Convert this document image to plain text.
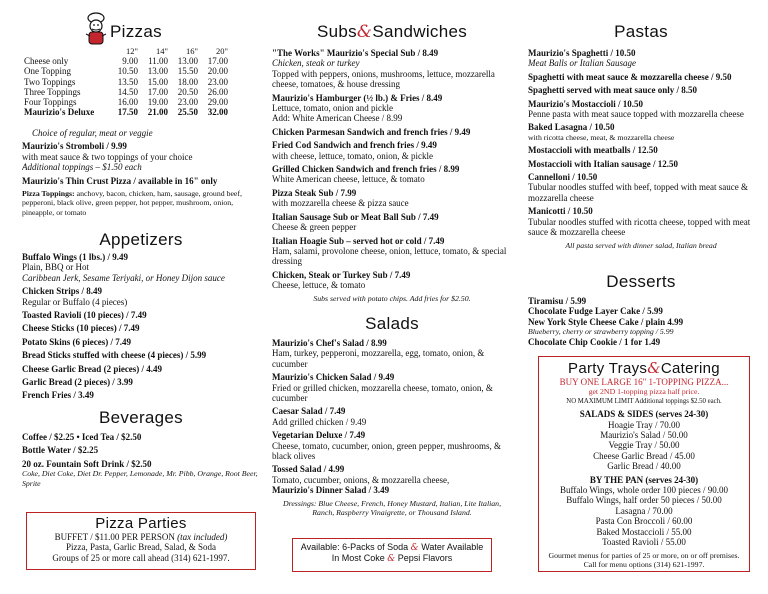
Pizzas
	12"	14"	16"	20"
Cheese only	9.00	11.00	13.00	17.00
One Topping	10.50	13.00	15.50	20.00
Two Toppings	13.50	15.00	18.00	23.00
Three Toppings	14.50	17.00	20.50	26.00
Four Toppings	16.00	19.00	23.00	29.00
Maurizio's Deluxe	17.50	21.00	25.50	32.00
Choice of regular, meat or veggie
Maurizio's Stromboli / 9.99
with meat sauce & two toppings of your choice
Additional toppings – $1.50 each
Maurizio's Thin Crust Pizza / available in 16" only
Pizza Toppings: anchovy, bacon, chicken, ham, sausage, ground beef, pepperoni, black olive, green pepper, hot pepper, mushroom, onion, pineapple, or tomato
Appetizers
Buffalo Wings (1 lbs.) / 9.49
Plain, BBQ or Hot
Caribbean Jerk, Sesame Teriyaki, or Honey Dijon sauce
Chicken Strips / 8.49
Regular or Buffalo (4 pieces)
Toasted Ravioli (10 pieces) / 7.49
Cheese Sticks (10 pieces) / 7.49
Potato Skins (6 pieces) / 7.49
Bread Sticks stuffed with cheese (4 pieces) / 5.99
Cheese Garlic Bread (2 pieces) / 4.49
Garlic Bread (2 pieces) / 3.99
French Fries / 3.49
Beverages
Coffee / $2.25 • Iced Tea / $2.50
Bottle Water / $2.25
20 oz. Fountain Soft Drink / $2.50
Coke, Diet Coke, Diet Dr. Pepper, Lemonade, Mr. Pibb, Orange, Root Beer, Sprite
Pizza Parties
BUFFET / $11.00 PER PERSON (tax included)
Pizza, Pasta, Garlic Bread, Salad, & Soda
Groups of 25 or more call ahead (314) 621-1997.
Subs&Sandwiches
"The Works" Maurizio's Special Sub / 8.49
Chicken, steak or turkey
Topped with peppers, onions, mushrooms, lettuce, mozzarella cheese, tomatoes, & house dressing
Maurizio's Hamburger (½ lb.) & Fries / 8.49
Lettuce, tomato, onion and pickle
Add: White American Cheese / 8.99
Chicken Parmesan Sandwich and french fries / 9.49
Fried Cod Sandwich and french fries / 9.49
with cheese, lettuce, tomato, onion, & pickle
Grilled Chicken Sandwich and french fries / 8.99
White American cheese, lettuce, & tomato
Pizza Steak Sub / 7.99
with mozzarella cheese & pizza sauce
Italian Sausage Sub or Meat Ball Sub / 7.49
Cheese & green pepper
Italian Hoagie Sub – served hot or cold / 7.49
Ham, salami, provolone cheese, onion, lettuce, tomato, & special dressing
Chicken, Steak or Turkey Sub / 7.49
Cheese, lettuce, & tomato
Subs served with potato chips. Add fries for $2.50.
Salads
Maurizio's Chef's Salad / 8.99
Ham, turkey, pepperoni, mozzarella, egg, tomato, onion, & cucumber
Maurizio's Chicken Salad / 9.49
Fried or grilled chicken, mozzarella cheese, tomato, onion, & cucumber
Caesar Salad / 7.49
Add grilled chicken / 9.49
Vegetarian Deluxe / 7.49
Cheese, tomato, cucumber, onion, green pepper, mushrooms, & black olives
Tossed Salad / 4.99
Tomato, cucumber, onions, & mozzarella cheese,
Maurizio's Dinner Salad / 3.49
Dressings: Blue Cheese, French, Honey Mustard, Italian, Lite Italian, Ranch, Raspberry Vinaigrette, or Thousand Island.
Available: 6-Packs of Soda & Water Available
In Most Coke & Pepsi Flavors
Pastas
Maurizio's Spaghetti / 10.50
Meat Balls or Italian Sausage
Spaghetti with meat sauce & mozzarella cheese / 9.50
Spaghetti served with meat sauce only / 8.50
Maurizio's Mostaccioli / 10.50
Penne pasta with meat sauce topped with mozzarella cheese
Baked Lasagna / 10.50
with ricotta cheese, meat, & mozzarella cheese
Mostaccioli with meatballs / 12.50
Mostaccioli with Italian sausage / 12.50
Cannelloni / 10.50
Tubular noodles stuffed with beef, topped with meat sauce & mozzarella cheese
Manicotti / 10.50
Tubular noodles stuffed with ricotta cheese, topped with meat sauce & mozzarella cheese
All pasta served with dinner salad, Italian bread
Desserts
Tiramisu / 5.99
Chocolate Fudge Layer Cake / 5.99
New York Style Cheese Cake / plain 4.99
Blueberry, cherry or strawberry topping / 5.99
Chocolate Chip Cookie / 1 for 1.49
Party Trays&Catering
BUY ONE LARGE 16" 1-TOPPING PIZZA...
get 2ND 1-topping pizza half price.
NO MAXIMUM LIMIT Additional toppings $2.50 each.
SALADS & SIDES (serves 24-30)
Hoagie Tray / 70.00
Maurizio's Salad / 50.00
Veggie Tray / 50.00
Cheese Garlic Bread / 45.00
Garlic Bread / 40.00
BY THE PAN (serves 24-30)
Buffalo Wings, whole order 100 pieces / 90.00
Buffalo Wings, half order 50 pieces / 50.00
Lasagna / 70.00
Pasta Con Broccoli / 60.00
Baked Mostaccioli / 55.00
Toasted Ravioli / 55.00
Gourmet menus for parties of 25 or more, on or off premises. Call for menu options (314) 621-1997.
